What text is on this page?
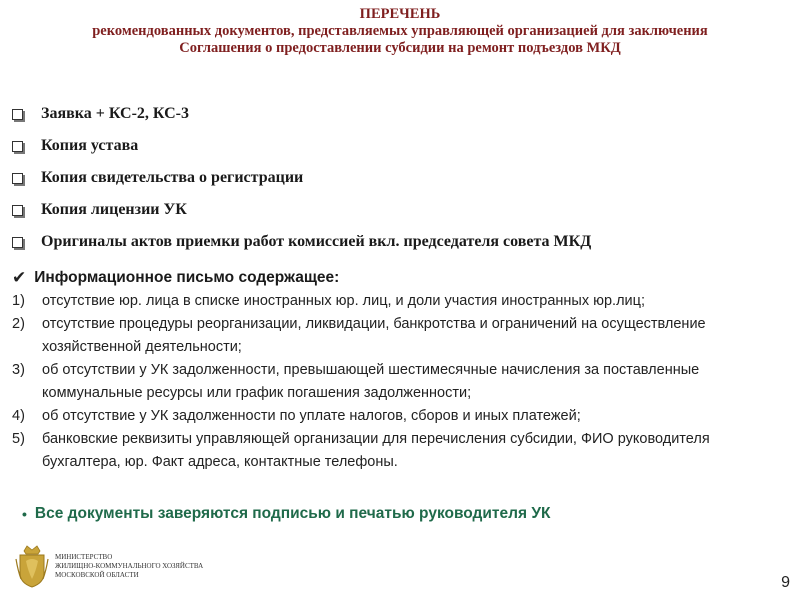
ПЕРЕЧЕНЬ
рекомендованных документов, представляемых управляющей организацией для заключения
Соглашения о предоставлении субсидии на ремонт подъездов МКД
Заявка + КС-2, КС-3
Копия устава
Копия свидетельства о регистрации
Копия лицензии УК
Оригиналы актов приемки работ комиссией вкл. председателя совета МКД
✔ Информационное письмо содержащее:
1)	отсутствие юр. лица в списке иностранных юр. лиц, и доли участия иностранных юр.лиц;
2)	отсутствие процедуры реорганизации, ликвидации, банкротства и ограничений на осуществление хозяйственной деятельности;
3)	об отсутствии у УК задолженности, превышающей шестимесячные начисления за поставленные коммунальные ресурсы или график погашения задолженности;
4)	об отсутствие у УК задолженности по уплате налогов, сборов и иных платежей;
5)	банковские реквизиты управляющей организации для перечисления субсидии, ФИО руководителя бухгалтера, юр. Факт адреса, контактные телефоны.
• Все документы заверяются подписью и печатью руководителя УК
МИНИСТЕРСТВО
ЖИЛИЩНО-КОММУНАЛЬНОГО ХОЗЯЙСТВА
МОСКОВСКОЙ ОБЛАСТИ	9
